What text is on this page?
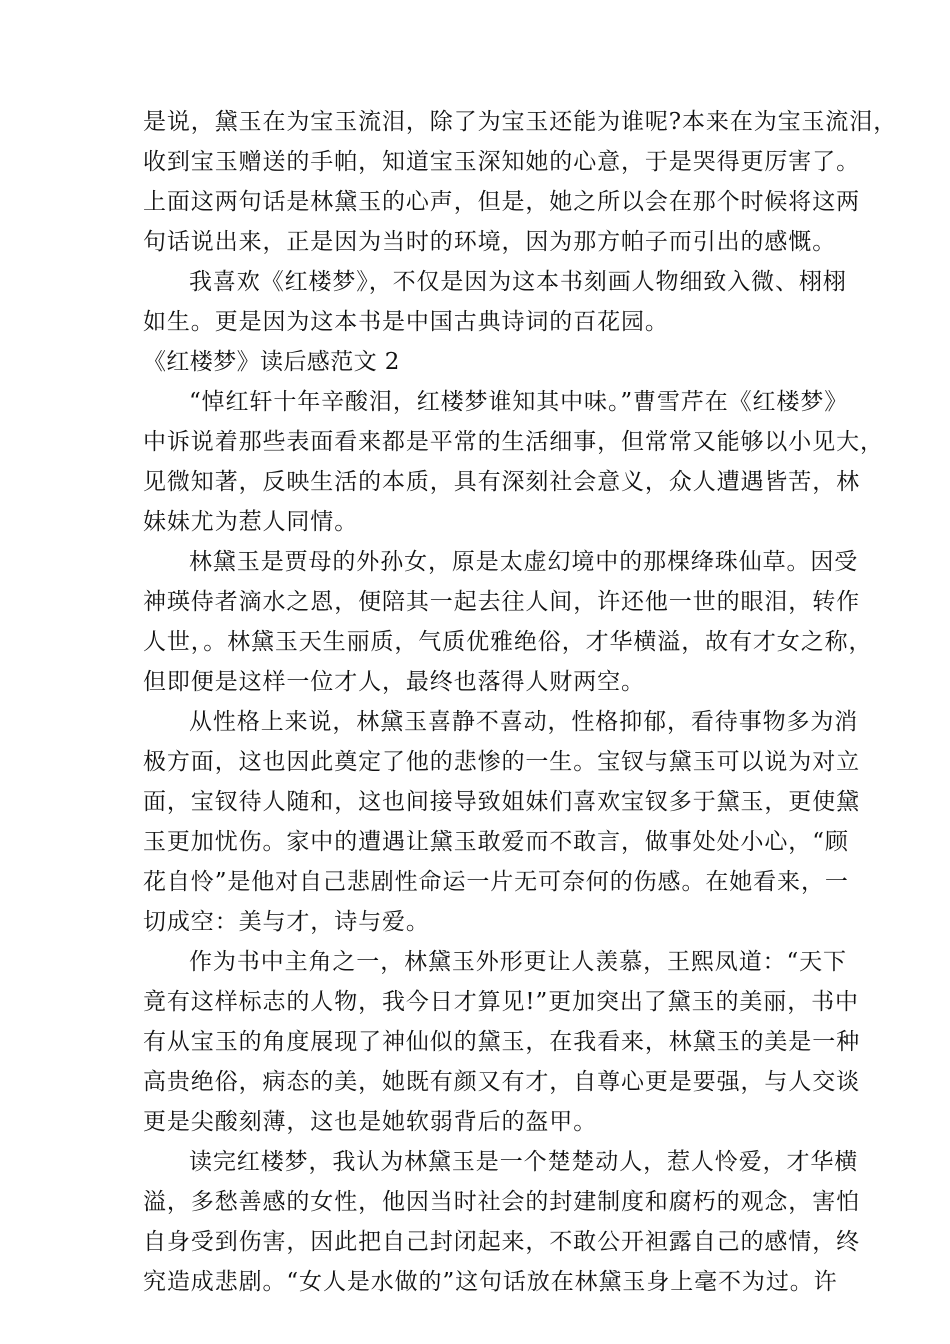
是说，黛玉在为宝玉流泪，除了为宝玉还能为谁呢?本来在为宝玉流泪，
收到宝玉赠送的手帕，知道宝玉深知她的心意，于是哭得更厉害了。
上面这两句话是林黛玉的心声，但是，她之所以会在那个时候将这两
句话说出来，正是因为当时的环境，因为那方帕子而引出的感慨。
我喜欢《红楼梦》，不仅是因为这本书刻画人物细致入微、栩栩
如生。更是因为这本书是中国古典诗词的百花园。
《红楼梦》读后感范文 2
“悼红轩十年辛酸泪，红楼梦谁知其中味。”曹雪芹在《红楼梦》
中诉说着那些表面看来都是平常的生活细事，但常常又能够以小见大，
见微知著，反映生活的本质，具有深刻社会意义，众人遭遇皆苦，林
妹妹尤为惹人同情。
林黛玉是贾母的外孙女，原是太虚幻境中的那棵绛珠仙草。因受
神瑛侍者滴水之恩，便陪其一起去往人间，许还他一世的眼泪，转作
人世，。林黛玉天生丽质，气质优雅绝俗，才华横溢，故有才女之称，
但即便是这样一位才人，最终也落得人财两空。
从性格上来说，林黛玉喜静不喜动，性格抑郁，看待事物多为消
极方面，这也因此奠定了他的悲惨的一生。宝钗与黛玉可以说为对立
面，宝钗待人随和，这也间接导致姐妹们喜欢宝钗多于黛玉，更使黛
玉更加忧伤。家中的遭遇让黛玉敢爱而不敢言，做事处处小心，“顾
花自怜”是他对自己悲剧性命运一片无可奈何的伤感。在她看来，一
切成空：美与才，诗与爱。
作为书中主角之一，林黛玉外形更让人羡慕，王熙凤道：“天下
竟有这样标志的人物，我今日才算见!”更加突出了黛玉的美丽，书中
有从宝玉的角度展现了神仙似的黛玉，在我看来，林黛玉的美是一种
高贵绝俗，病态的美，她既有颜又有才，自尊心更是要强，与人交谈
更是尖酸刻薄，这也是她软弱背后的盔甲。
读完红楼梦，我认为林黛玉是一个楚楚动人，惹人怜爱，才华横
溢，多愁善感的女性，他因当时社会的封建制度和腐朽的观念，害怕
自身受到伤害，因此把自己封闭起来，不敢公开袒露自己的感情，终
究造成悲剧。“女人是水做的”这句话放在林黛玉身上毫不为过。许
